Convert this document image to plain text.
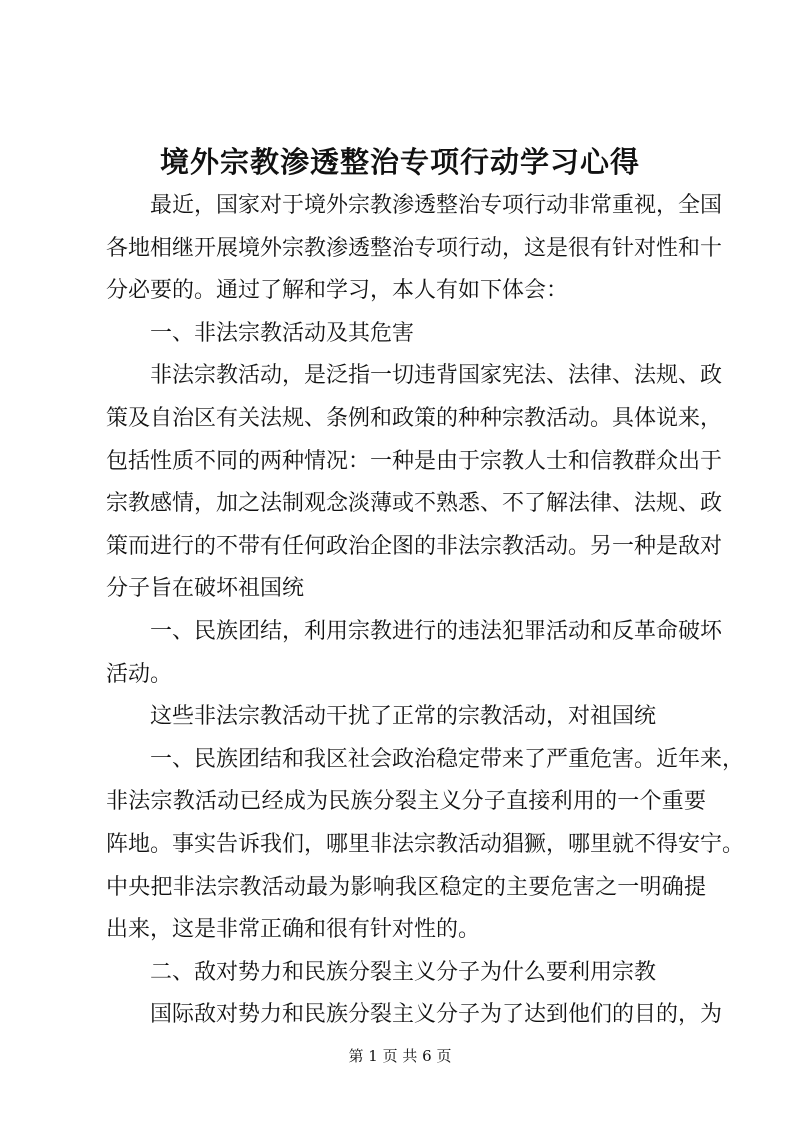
境外宗教渗透整治专项行动学习心得
最近，国家对于境外宗教渗透整治专项行动非常重视，全国
各地相继开展境外宗教渗透整治专项行动，这是很有针对性和十
分必要的。通过了解和学习，本人有如下体会：
一、非法宗教活动及其危害
非法宗教活动，是泛指一切违背国家宪法、法律、法规、政
策及自治区有关法规、条例和政策的种种宗教活动。具体说来，
包括性质不同的两种情况：一种是由于宗教人士和信教群众出于
宗教感情，加之法制观念淡薄或不熟悉、不了解法律、法规、政
策而进行的不带有任何政治企图的非法宗教活动。另一种是敌对
分子旨在破坏祖国统
一、民族团结，利用宗教进行的违法犯罪活动和反革命破坏
活动。
这些非法宗教活动干扰了正常的宗教活动，对祖国统
一、民族团结和我区社会政治稳定带来了严重危害。近年来，
非法宗教活动已经成为民族分裂主义分子直接利用的一个重要
阵地。事实告诉我们，哪里非法宗教活动猖獗，哪里就不得安宁。
中央把非法宗教活动最为影响我区稳定的主要危害之一明确提
出来，这是非常正确和很有针对性的。
二、敌对势力和民族分裂主义分子为什么要利用宗教
国际敌对势力和民族分裂主义分子为了达到他们的目的，为
第 1 页 共 6 页
